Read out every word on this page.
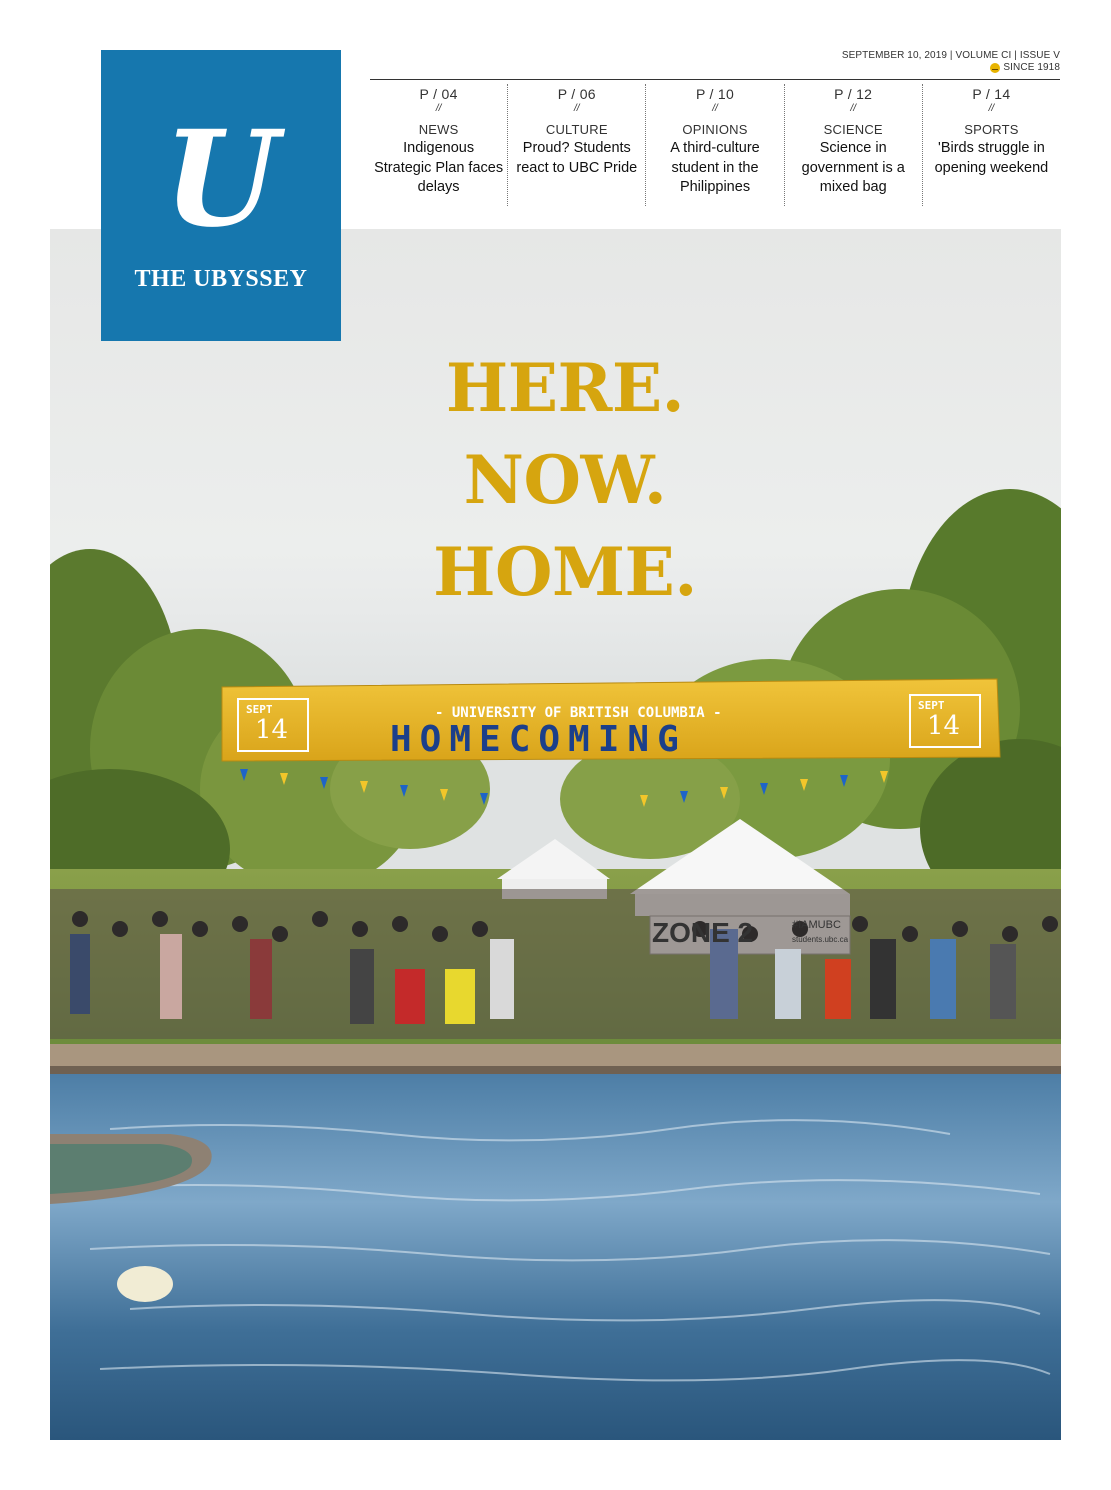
SEPTEMBER 10, 2019 | VOLUME CI | ISSUE V
SINCE 1918
P / 04
//
NEWS
Indigenous Strategic Plan faces delays
P / 06
//
CULTURE
Proud? Students react to UBC Pride
P / 10
//
OPINIONS
A third-culture student in the Philippines
P / 12
//
SCIENCE
Science in government is a mixed bag
P / 14
//
SPORTS
'Birds struggle in opening weekend
SEPT
14
SEPT
14
- UNIVERSITY OF BRITISH COLUMBIA -
HOMECOMING
ZONE 2	#IAMUBC
students.ubc.ca
U
THE UBYSSEY
HERE.
NOW.
HOME.
